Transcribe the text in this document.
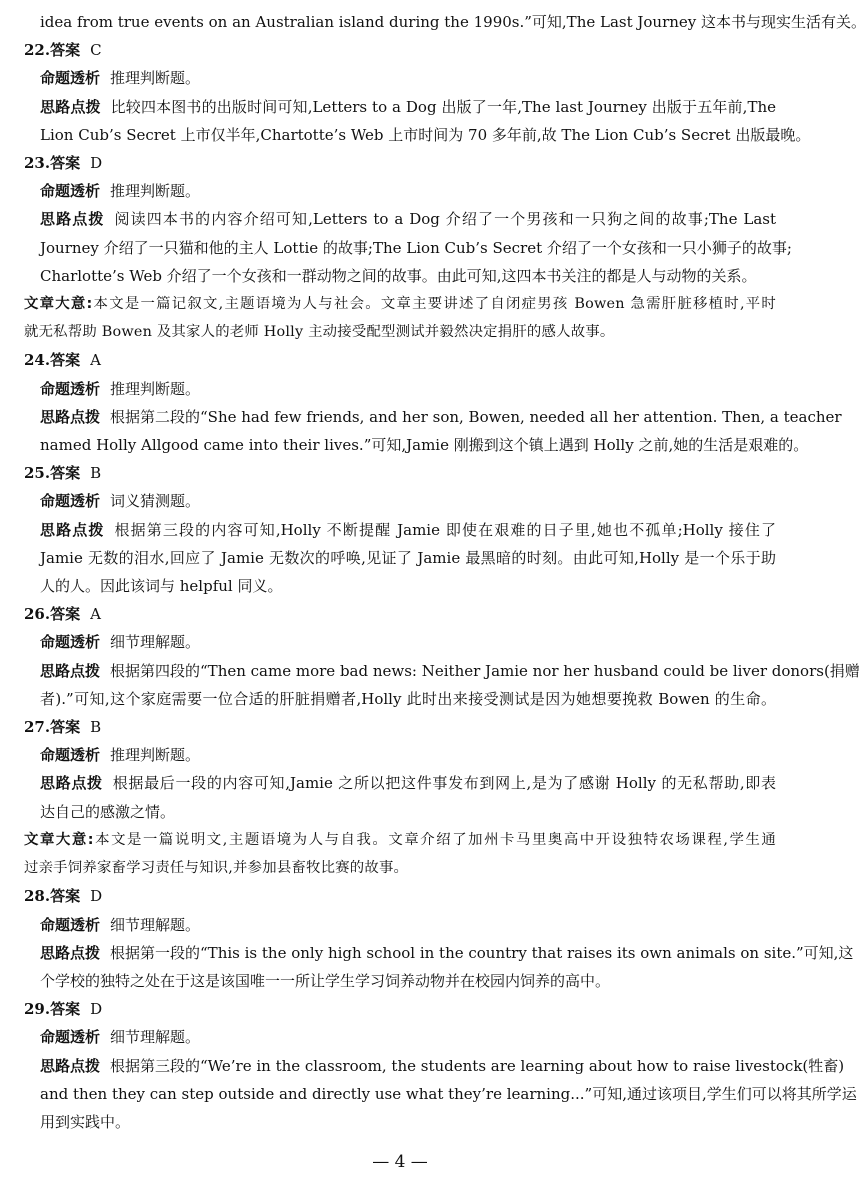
idea from true events on an Australian island during the 1990s.”可知,The Last Journey 这本书与现实生活有关。
22.答案 C
命题透析 推理判断题。
思路点拨 比较四本图书的出版时间可知,Letters to a Dog 出版了一年,The last Journey 出版于五年前,The
Lion Cub’s Secret 上市仅半年,Chartotte’s Web 上市时间为 70 多年前,故 The Lion Cub’s Secret 出版最晚。
23.答案 D
命题透析 推理判断题。
思路点拨 阅读四本书的内容介绍可知,Letters to a Dog 介绍了一个男孩和一只狗之间的故事;The Last
Journey 介绍了一只猫和他的主人 Lottie 的故事;The Lion Cub’s Secret 介绍了一个女孩和一只小狮子的故事;
Charlotte’s Web 介绍了一个女孩和一群动物之间的故事。由此可知,这四本书关注的都是人与动物的关系。
文章大意:本文是一篇记叙文,主题语境为人与社会。文章主要讲述了自闭症男孩 Bowen 急需肝脏移植时,平时
就无私帮助 Bowen 及其家人的老师 Holly 主动接受配型测试并毅然决定捐肝的感人故事。
24.答案 A
命题透析 推理判断题。
思路点拨 根据第二段的“She had few friends, and her son, Bowen, needed all her attention. Then, a teacher
named Holly Allgood came into their lives.”可知,Jamie 刚搬到这个镇上遇到 Holly 之前,她的生活是艰难的。
25.答案 B
命题透析 词义猜测题。
思路点拨 根据第三段的内容可知,Holly 不断提醒 Jamie 即使在艰难的日子里,她也不孤单;Holly 接住了
Jamie 无数的泪水,回应了 Jamie 无数次的呼唤,见证了 Jamie 最黑暗的时刻。由此可知,Holly 是一个乐于助
人的人。因此该词与 helpful 同义。
26.答案 A
命题透析 细节理解题。
思路点拨 根据第四段的“Then came more bad news: Neither Jamie nor her husband could be liver donors(捐赠
者).”可知,这个家庭需要一位合适的肝脏捐赠者,Holly 此时出来接受测试是因为她想要挽救 Bowen 的生命。
27.答案 B
命题透析 推理判断题。
思路点拨 根据最后一段的内容可知,Jamie 之所以把这件事发布到网上,是为了感谢 Holly 的无私帮助,即表
达自己的感激之情。
文章大意:本文是一篇说明文,主题语境为人与自我。文章介绍了加州卡马里奥高中开设独特农场课程,学生通
过亲手饲养家畜学习责任与知识,并参加县畜牧比赛的故事。
28.答案 D
命题透析 细节理解题。
思路点拨 根据第一段的“This is the only high school in the country that raises its own animals on site.”可知,这
个学校的独特之处在于这是该国唯一一所让学生学习饲养动物并在校园内饲养的高中。
29.答案 D
命题透析 细节理解题。
思路点拨 根据第三段的“We’re in the classroom, the students are learning about how to raise livestock(牲畜)
and then they can step outside and directly use what they’re learning...”可知,通过该项目,学生们可以将其所学运
用到实践中。
— 4 —
